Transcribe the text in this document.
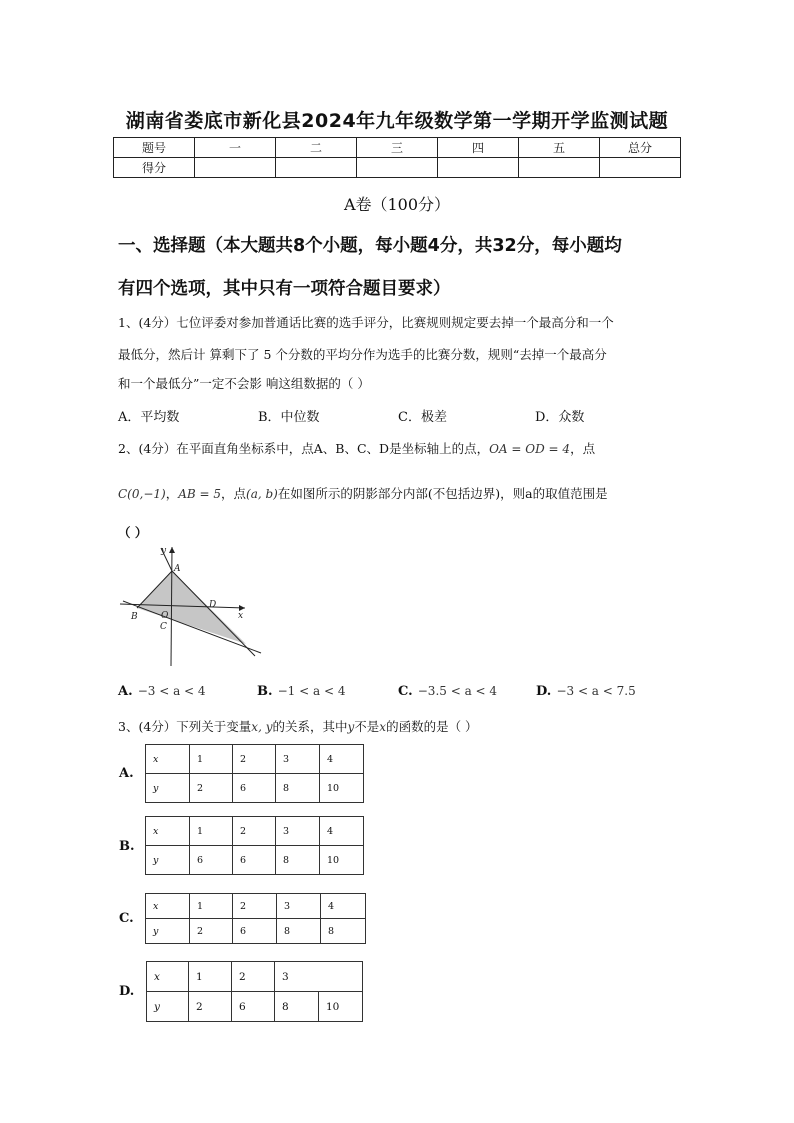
湖南省娄底市新化县2024年九年级数学第一学期开学监测试题
题号	一	二	三	四	五	总分
得分						
A卷（100分）
一、选择题（本大题共8个小题，每小题4分，共32分，每小题均
有四个选项，其中只有一项符合题目要求）
1、(4分）七位评委对参加普通话比赛的选手评分，比赛规则规定要去掉一个最高分和一个
最低分，然后计 算剩下了 5 个分数的平均分作为选手的比赛分数，规则“去掉一个最高分
和一个最低分”一定不会影 响这组数据的（ ）
A．平均数	B．中位数	C．极差	D．众数
2、(4分）在平面直角坐标系中，点A、B、C、D是坐标轴上的点，OA = OD = 4，点
C(0,−1)，AB = 5，点(a, b)在如图所示的阴影部分内部(不包括边界)，则a的取值范围是
（ ）
y
A
D
x
B	O
C
A. −3 < a < 4	B. −1 < a < 4	C. −3.5 < a < 4	D. −3 < a < 7.5
3、(4分）下列关于变量x, y的关系，其中y不是x的函数的是（ ）
A.
x	1	2	3	4
y	2	6	8	10
B.
x	1	2	3	4
y	6	6	8	10
C.
x	1	2	3	4
y	2	6	8	8
D.
x	1	2	3	
y	2	6	8	10
